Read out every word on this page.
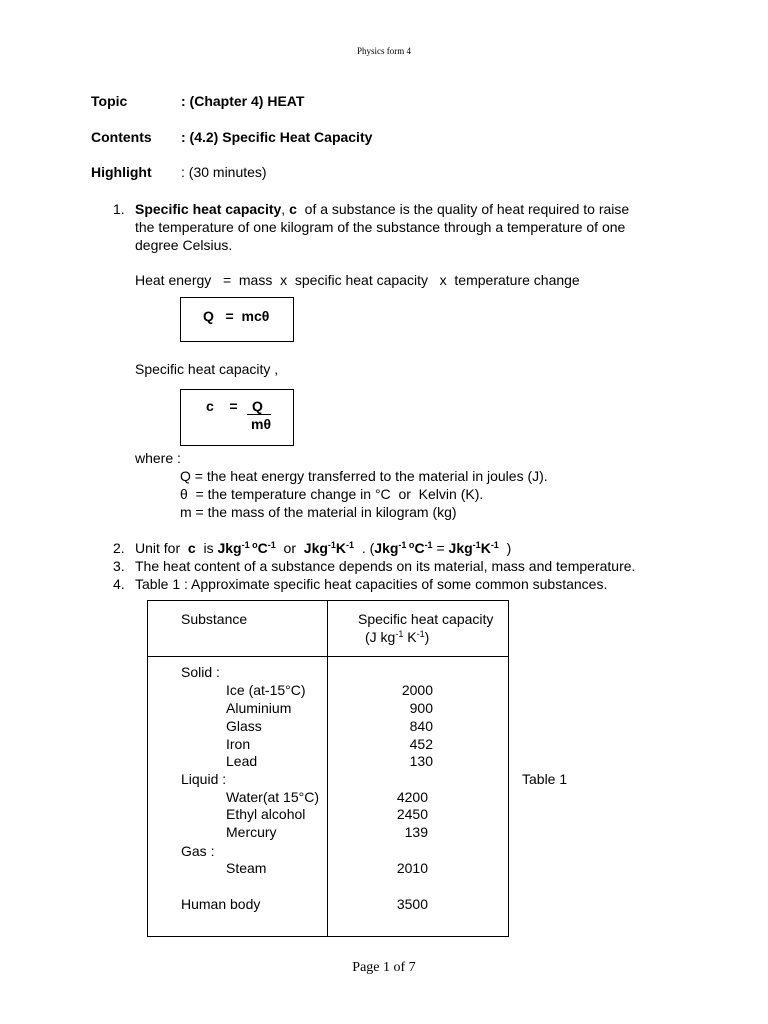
Physics form 4
Topic	: (Chapter 4) HEAT
Contents : (4.2) Specific Heat Capacity
Highlight : (30 minutes)
1. Specific heat capacity, c of a substance is the quality of heat required to raise
the temperature of one kilogram of the substance through a temperature of one
degree Celsius.
Heat energy   =  mass  x  specific heat capacity   x  temperature change
Q   =  mcθ
Specific heat capacity ,
c    = Q
mθ
where :
Q = the heat energy transferred to the material in joules (J).
θ  = the temperature change in °C  or  Kelvin (K).
m = the mass of the material in kilogram (kg)
2. Unit for c  is $Jkg^{-1 o}C^{-1}$  or  $Jkg^{-1}K^{-1}$  . ($Jkg^{-1 o}C^{-1} = Jkg^{-1}K^{-1}$  )
3. The heat content of a substance depends on its material, mass and temperature.
4. Table 1 : Approximate specific heat capacities of some common substances.
Substance	Specific heat capacity
(J $kg^{-1}$ $K^{-1}$)
Solid :
Ice (at-15°C)	2000
Aluminium	900
Glass	840
Iron	452
Lead	130
Liquid :	Table 1
Water(at 15°C)	4200
Ethyl alcohol	2450
Mercury	139
Gas :
Steam	2010
Human body	3500
Page 1 of 7
